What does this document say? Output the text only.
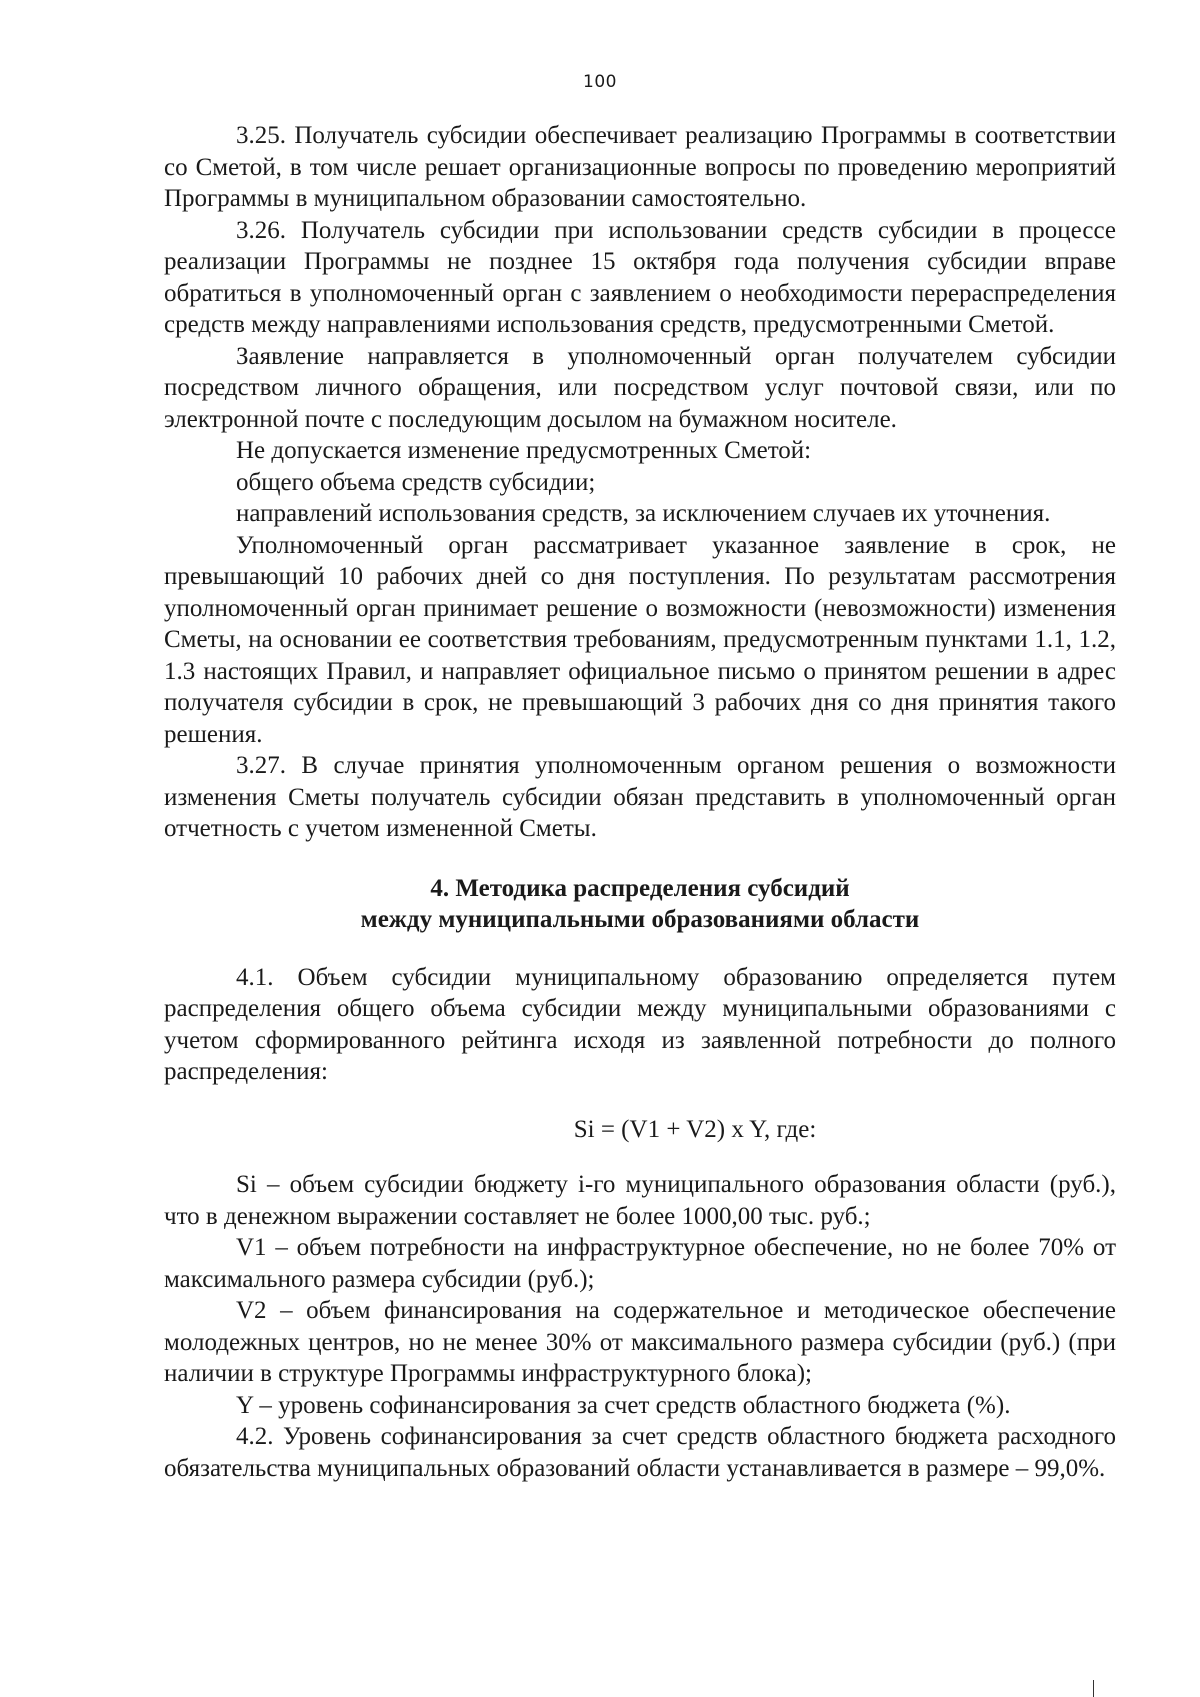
100

3.25. Получатель субсидии обеспечивает реализацию Программы в соответствии со Сметой, в том числе решает организационные вопросы по проведению мероприятий Программы в муниципальном образовании самостоятельно.

3.26. Получатель субсидии при использовании средств субсидии в процессе реализации Программы не позднее 15 октября года получения субсидии вправе обратиться в уполномоченный орган с заявлением о необходимости перераспределения средств между направлениями использования средств, предусмотренными Сметой.

Заявление направляется в уполномоченный орган получателем субсидии посредством личного обращения, или посредством услуг почтовой связи, или по электронной почте с последующим досылом на бумажном носителе.

Не допускается изменение предусмотренных Сметой:

общего объема средств субсидии;

направлений использования средств, за исключением случаев их уточнения.

Уполномоченный орган рассматривает указанное заявление в срок, не превышающий 10 рабочих дней со дня поступления. По результатам рассмотрения уполномоченный орган принимает решение о возможности (невозможности) изменения Сметы, на основании ее соответствия требованиям, предусмотренным пунктами 1.1, 1.2, 1.3 настоящих Правил, и направляет официальное письмо о принятом решении в адрес получателя субсидии в срок, не превышающий 3 рабочих дня со дня принятия такого решения.

3.27. В случае принятия уполномоченным органом решения о возможности изменения Сметы получатель субсидии обязан представить в уполномоченный орган отчетность с учетом измененной Сметы.

4. Методика распределения субсидий
между муниципальными образованиями области

4.1. Объем субсидии муниципальному образованию определяется путем распределения общего объема субсидии между муниципальными образованиями с учетом сформированного рейтинга исходя из заявленной потребности до полного распределения:

Si = (V1 + V2) x Y, где:

Si – объем субсидии бюджету i-го муниципального образования области (руб.), что в денежном выражении составляет не более 1000,00 тыс. руб.;

V1 – объем потребности на инфраструктурное обеспечение, но не более 70% от максимального размера субсидии (руб.);

V2 – объем финансирования на содержательное и методическое обеспечение молодежных центров, но не менее 30% от максимального размера субсидии (руб.) (при наличии в структуре Программы инфраструктурного блока);

Y – уровень софинансирования за счет средств областного бюджета (%).

4.2. Уровень софинансирования за счет средств областного бюджета расходного обязательства муниципальных образований области устанавливается в размере – 99,0%.
